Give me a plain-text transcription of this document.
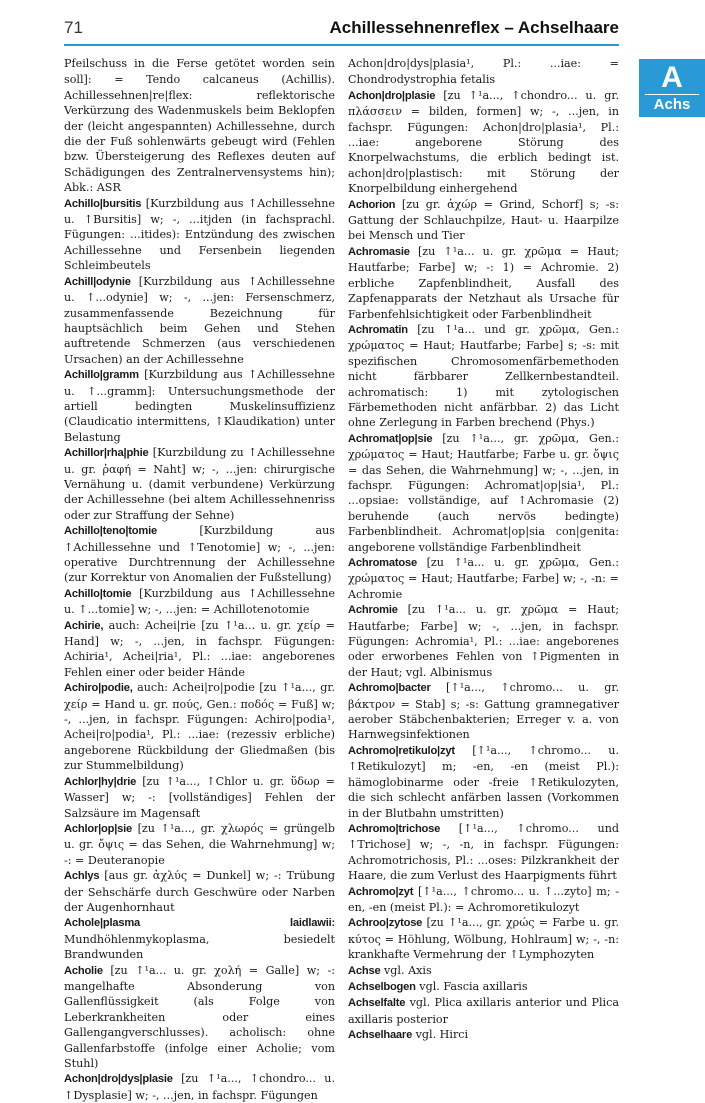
71	Achillessehnenreflex – Achselhaare
A
Achs

Pfeilschuss in die Ferse getötet worden sein soll]: = Tendo calcaneus (Achillis). Achillessehnen|re|flex: reflektorische Verkürzung des Wadenmuskels beim Beklopfen der (leicht angespannten) Achillessehne, durch die der Fuß sohlenwärts gebeugt wird (Fehlen bzw. Übersteigerung des Reflexes deuten auf Schädigungen des Zentralnervensystems hin); Abk.: ASR

Achillo|bursitis [Kurzbildung aus ↑Achillessehne u. ↑Bursitis] w; -, ...itjden (in fachsprachl. Fügungen: ...itides): Entzündung des zwischen Achillessehne und Fersenbein liegenden Schleimbeutels

Achill|odynie [Kurzbildung aus ↑Achillessehne u. ↑...odynie] w; -, ...jen: Fersenschmerz, zusammenfassende Bezeichnung für hauptsächlich beim Gehen und Stehen auftretende Schmerzen (aus verschiedenen Ursachen) an der Achillessehne

Achillo|gramm [Kurzbildung aus ↑Achillessehne u. ↑...gramm]: Untersuchungsmethode der artiell bedingten Muskelinsuffizienz (Claudicatio intermittens, ↑Klaudikation) unter Belastung

Achillor|rha|phie [Kurzbildung zu ↑Achillessehne u. gr. ῥαφή = Naht] w; -, ...jen: chirurgische Vernähung u. (damit verbundene) Verkürzung der Achillessehne (bei altem Achillessehnenriss oder zur Straffung der Sehne)

Achillo|teno|tomie	[Kurzbildung aus ↑Achillessehne und ↑Tenotomie] w; -, ...jen: operative Durchtrennung der Achillessehne (zur Korrektur von Anomalien der Fußstellung)

Achillo|tomie [Kurzbildung aus ↑Achillessehne u. ↑...tomie] w; -, ...jen: = Achillotenotomie

Achirie, auch: Achei|rie [zu ↑¹a... u. gr. χείρ = Hand] w; -, ...jen, in fachspr. Fügungen: Achiria¹, Achei|ria¹, Pl.: ...iae: angeborenes Fehlen einer oder beider Hände

Achiro|podie, auch: Achei|ro|podie [zu ↑¹a..., gr. χείρ = Hand u. gr. πούς, Gen.: ποδός = Fuß] w; -, ...jen, in fachspr. Fügungen: Achiro|podia¹, Achei|ro|podia¹, Pl.: ...iae: (rezessiv erbliche) angeborene Rückbildung der Gliedmaßen (bis zur Stummelbildung)

Achlor|hy|drie [zu ↑¹a..., ↑Chlor u. gr. ὕδωρ = Wasser] w; -: [vollständiges] Fehlen der Salzsäure im Magensaft

Achlor|op|sie [zu ↑¹a..., gr. χλωρός = grüngelb u. gr. ὄψις = das Sehen, die Wahrnehmung] w; -: = Deuteranopie

Achlys [aus gr. ἀχλύς = Dunkel] w; -: Trübung der Sehschärfe durch Geschwüre oder Narben der Augenhornhaut

Achole|plasma laidlawii: Mundhöhlenmykoplasma, besiedelt Brandwunden

Acholie [zu ↑¹a... u. gr. χολή = Galle] w; -: mangelhafte Absonderung von Gallenflüssigkeit (als Folge von Leberkrankheiten oder eines Gallengangverschlusses). acholisch: ohne Gallenfarbstoffe (infolge einer Acholie; vom Stuhl)

Achon|dro|dys|plasie [zu ↑¹a..., ↑chondro... u. ↑Dysplasie] w; -, ...jen, in fachspr. Fügungen

Achon|dro|dys|plasia¹, Pl.: ...iae: = Chondrodystrophia fetalis

Achon|dro|plasie [zu ↑¹a..., ↑chondro... u. gr. πλάσσειν = bilden, formen] w; -, ...jen, in fachspr. Fügungen: Achon|dro|plasia¹, Pl.: ...iae: angeborene Störung des Knorpelwachstums, die erblich bedingt ist. achon|dro|plastisch: mit Störung der Knorpelbildung einhergehend

Achorion [zu gr. ἀχώρ = Grind, Schorf] s; -s: Gattung der Schlauchpilze, Haut- u. Haarpilze bei Mensch und Tier

Achromasie [zu ↑¹a... u. gr. χρῶμα = Haut; Hautfarbe; Farbe] w; -: 1) = Achromie. 2) erbliche Zapfenblindheit, Ausfall des Zapfenapparats der Netzhaut als Ursache für Farbenfehlsichtigkeit oder Farbenblindheit

Achromatin [zu ↑¹a... und gr. χρῶμα, Gen.: χρώματος = Haut; Hautfarbe; Farbe] s; -s: mit spezifischen Chromosomenfärbemethoden nicht färbbarer Zellkernbestandteil. achromatisch: 1) mit zytologischen Färbemethoden nicht anfärbbar. 2) das Licht ohne Zerlegung in Farben brechend (Phys.)

Achromat|op|sie [zu ↑¹a..., gr. χρῶμα, Gen.: χρώματος = Haut; Hautfarbe; Farbe u. gr. ὄψις = das Sehen, die Wahrnehmung] w; -, ...jen, in fachspr. Fügungen: Achromat|op|sia¹, Pl.: ...opsiae: vollständige, auf ↑Achromasie (2) beruhende (auch nervös bedingte) Farbenblindheit. Achromat|op|sia con|genita: angeborene vollständige Farbenblindheit

Achromatose [zu ↑¹a... u. gr. χρῶμα, Gen.: χρώματος = Haut; Hautfarbe; Farbe] w; -, -n: = Achromie

Achromie [zu ↑¹a... u. gr. χρῶμα = Haut; Hautfarbe; Farbe] w; -, ...jen, in fachspr. Fügungen: Achromia¹, Pl.: ...iae: angeborenes oder erworbenes Fehlen von ↑Pigmenten in der Haut; vgl. Albinismus

Achromo|bacter [↑¹a..., ↑chromo... u. gr. βάκτρον = Stab] s; -s: Gattung gramnegativer aerober Stäbchenbakterien; Erreger v. a. von Harnwegsinfektionen

Achromo|retikulo|zyt [↑¹a..., ↑chromo... u. ↑Retikulozyt] m; -en, -en (meist Pl.): hämoglobinarme oder -freie ↑Retikulozyten, die sich schlecht anfärben lassen (Vorkommen in der Blutbahn umstritten)

Achromo|trichose [↑¹a..., ↑chromo... und ↑Trichose] w; -, -n, in fachspr. Fügungen: Achromotrichosis, Pl.: ...oses: Pilzkrankheit der Haare, die zum Verlust des Haarpigments führt

Achromo|zyt [↑¹a..., ↑chromo... u. ↑...zyto] m; -en, -en (meist Pl.): = Achromoretikulozyt

Achroo|zytose [zu ↑¹a..., gr. χρώς = Farbe u. gr. κύτος = Höhlung, Wölbung, Hohlraum] w; -, -n: krankhafte Vermehrung der ↑Lymphozyten

Achse vgl. Axis

Achselbogen vgl. Fascia axillaris

Achselfalte vgl. Plica axillaris anterior und Plica axillaris posterior

Achselhaare vgl. Hirci
